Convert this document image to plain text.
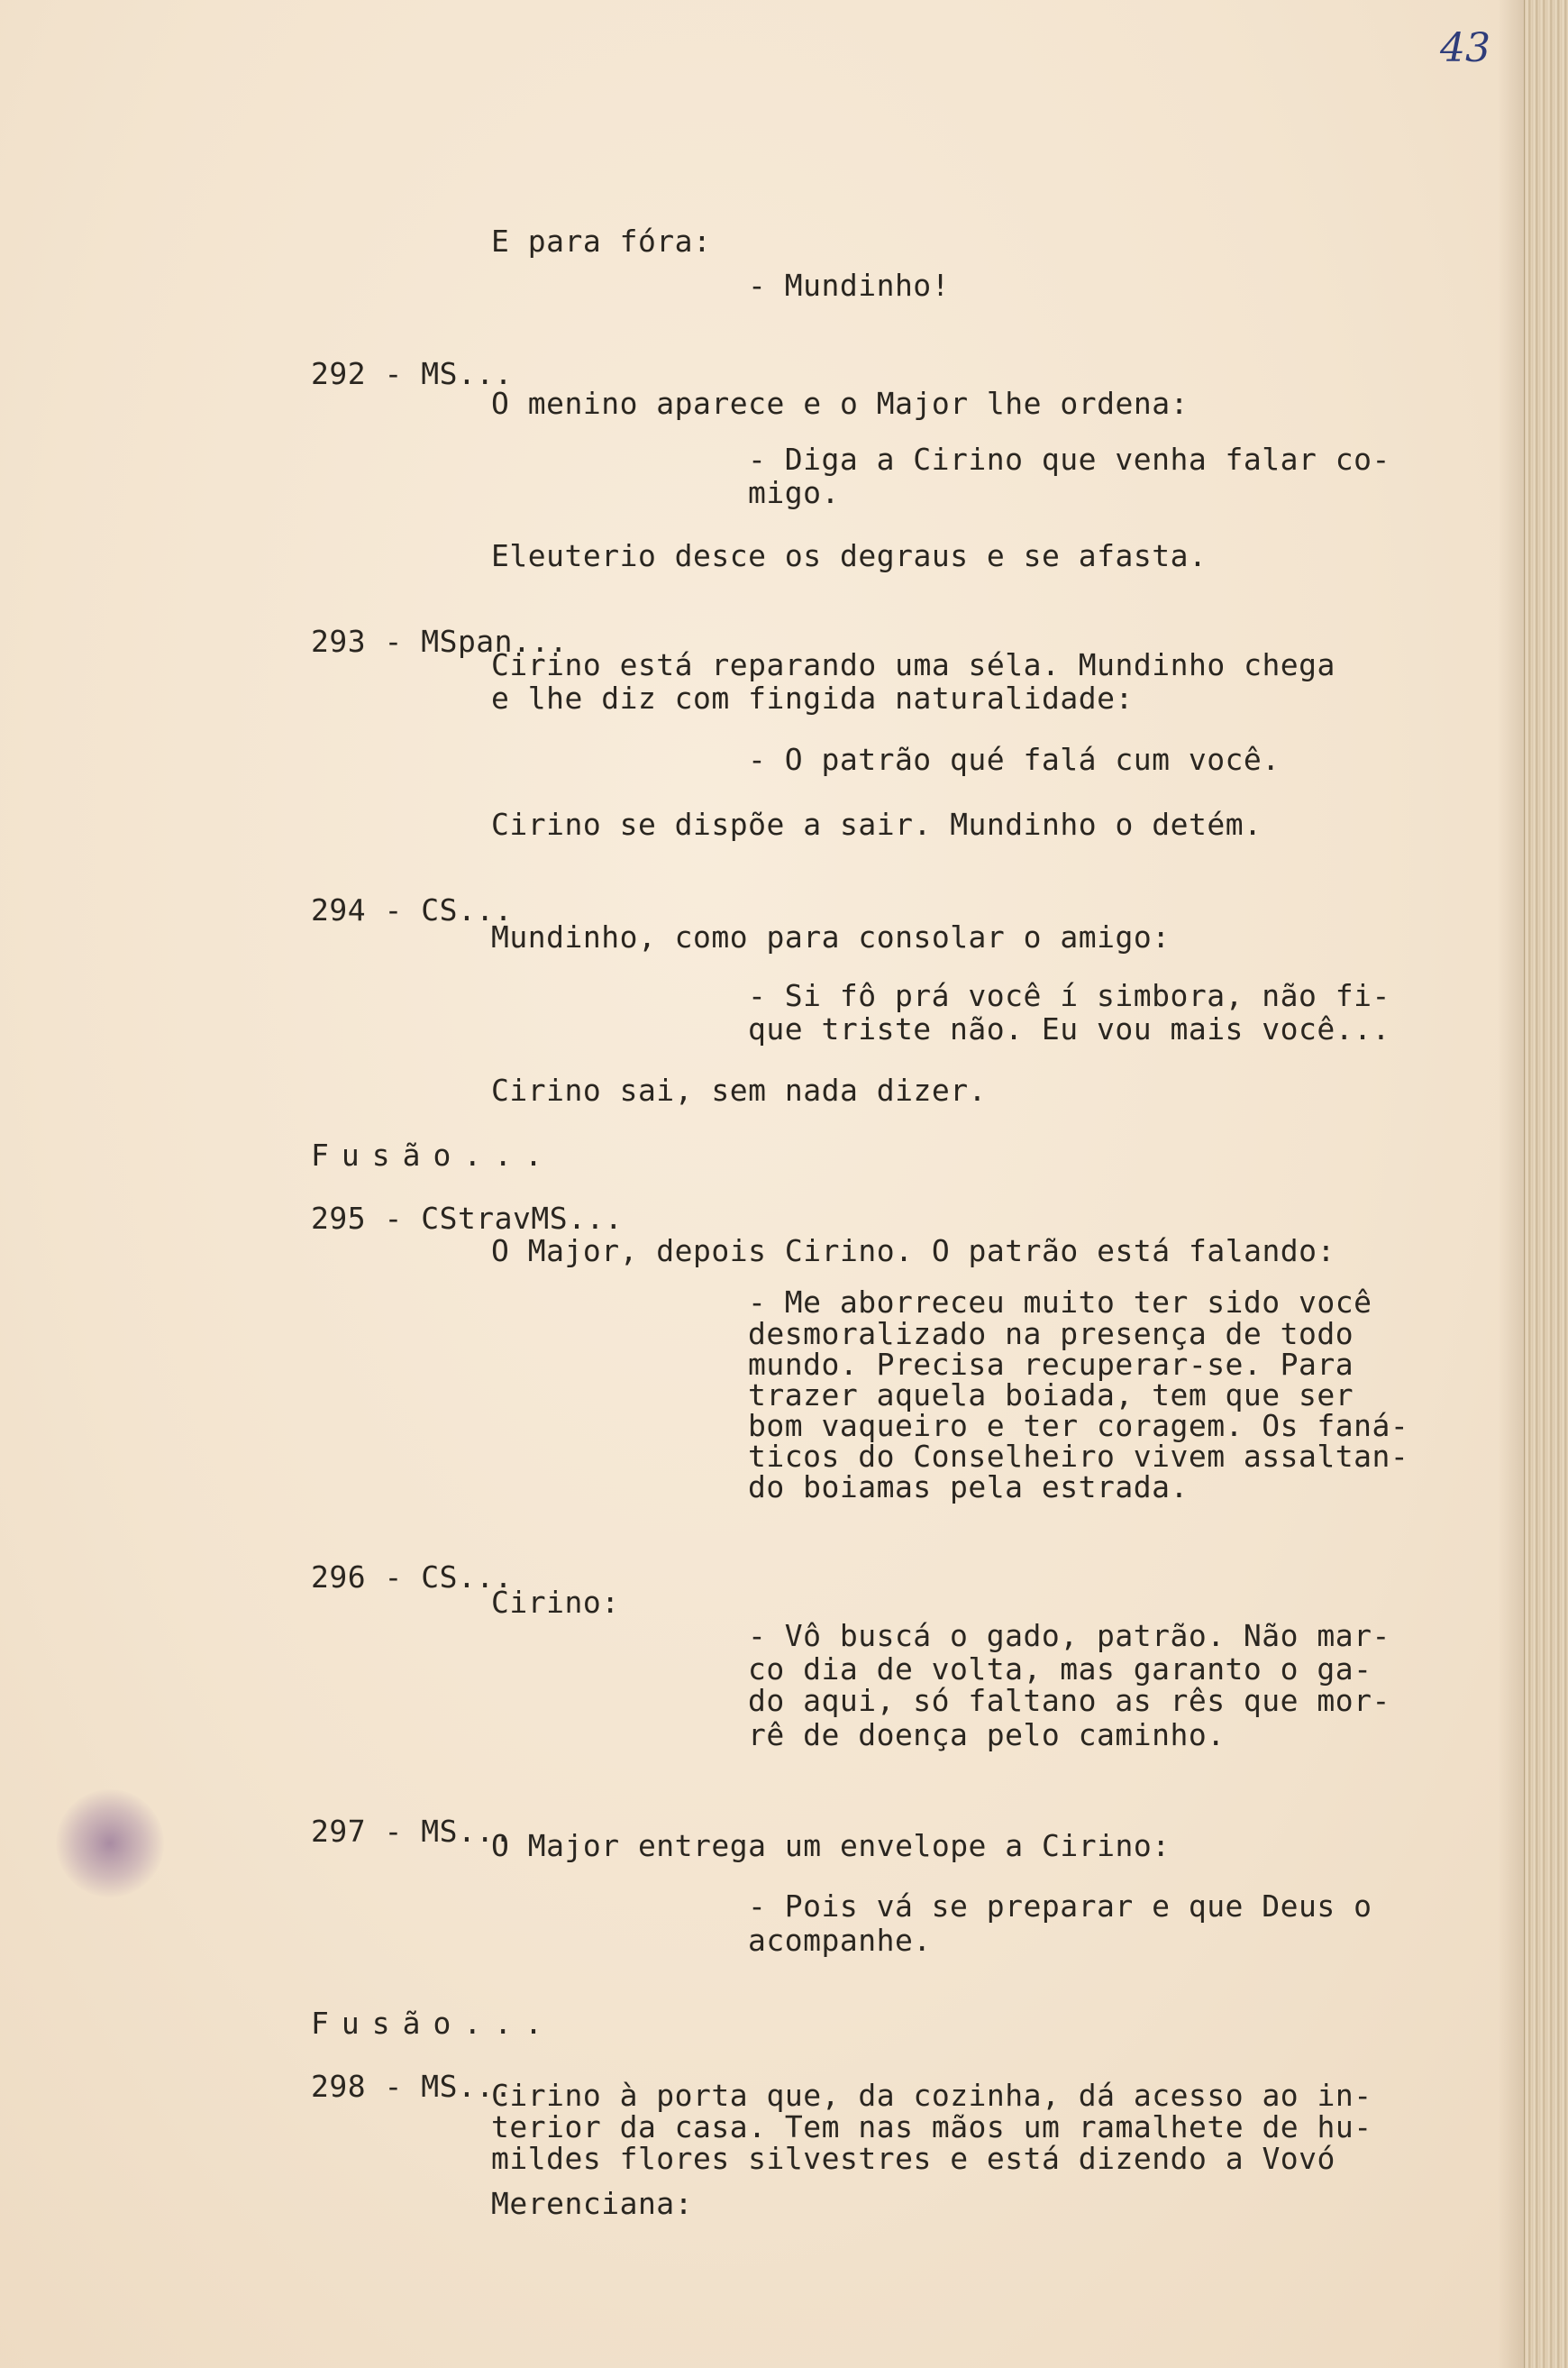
43
E para fóra:
- Mundinho!
292 - MS...
O menino aparece e o Major lhe ordena:
- Diga a Cirino que venha falar co-
migo.
Eleuterio desce os degraus e se afasta.
293 - MSpan...
Cirino está reparando uma séla. Mundinho chega
e lhe diz com fingida naturalidade:
- O patrão qué falá cum você.
Cirino se dispõe a sair. Mundinho o detém.
294 - CS...
Mundinho, como para consolar o amigo:
- Si fô prá você í simbora, não fi-
que triste não. Eu vou mais você...
Cirino sai, sem nada dizer.
Fusão...
295 - CStravMS...
O Major, depois Cirino. O patrão está falando:
- Me aborreceu muito ter sido você
desmoralizado na presença de todo
mundo. Precisa recuperar-se. Para
trazer aquela boiada, tem que ser
bom vaqueiro e ter coragem. Os faná-
ticos do Conselheiro vivem assaltan-
do boiamas pela estrada.
296 - CS...
Cirino:
- Vô buscá o gado, patrão. Não mar-
co dia de volta, mas garanto o ga-
do aqui, só faltano as rês que mor-
rê de doença pelo caminho.
297 - MS...
O Major entrega um envelope a Cirino:
- Pois vá se preparar e que Deus o
acompanhe.
Fusão...
298 - MS...
Cirino à porta que, da cozinha, dá acesso ao in-
terior da casa. Tem nas mãos um ramalhete de hu-
mildes flores silvestres e está dizendo a Vovó
Merenciana:
